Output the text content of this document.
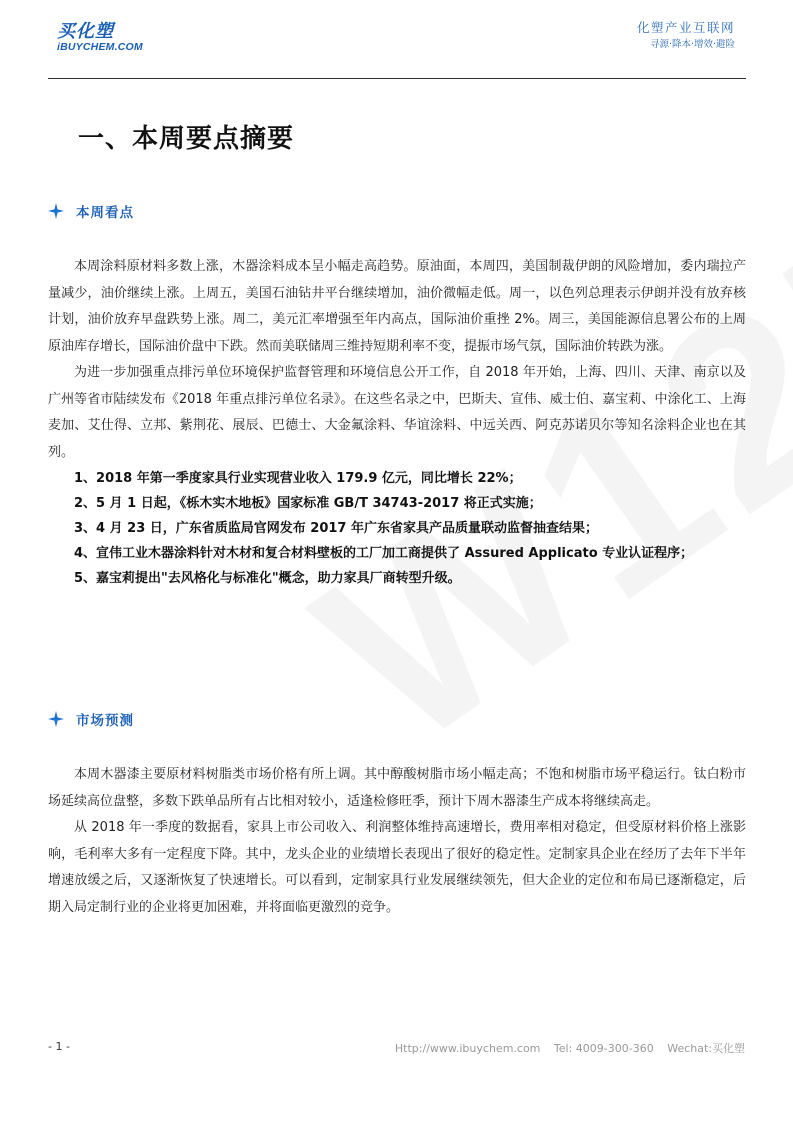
买化塑
iBUYCHEM.COM
化塑产业互联网
寻源·降本·增效·避险
一、本周要点摘要
本周看点

本周涂料原材料多数上涨，木器涂料成本呈小幅走高趋势。原油面，本周四，美国制裁伊朗的风险增加，委内瑞拉产量减少，油价继续上涨。上周五，美国石油钻井平台继续增加，油价微幅走低。周一，以色列总理表示伊朗并没有放弃核计划，油价放弃早盘跌势上涨。周二，美元汇率增强至年内高点，国际油价重挫 2%。周三，美国能源信息署公布的上周原油库存增长，国际油价盘中下跌。然而美联储周三维持短期利率不变，提振市场气氛，国际油价转跌为涨。

为进一步加强重点排污单位环境保护监督管理和环境信息公开工作，自 2018 年开始，上海、四川、天津、南京以及广州等省市陆续发布《2018 年重点排污单位名录》。在这些名录之中，巴斯夫、宣伟、威士伯、嘉宝莉、中涂化工、上海麦加、艾仕得、立邦、紫荆花、展辰、巴德士、大金氟涂料、华谊涂料、中远关西、阿克苏诺贝尔等知名涂料企业也在其列。

1、2018 年第一季度家具行业实现营业收入 179.9 亿元，同比增长 22%；
2、5 月 1 日起，《栎木实木地板》国家标准 GB/T 34743-2017 将正式实施；
3、4 月 23 日，广东省质监局官网发布 2017 年广东省家具产品质量联动监督抽查结果；
4、宣伟工业木器涂料针对木材和复合材料壁板的工厂加工商提供了 Assured Applicato 专业认证程序；
5、嘉宝莉提出"去风格化与标准化"概念，助力家具厂商转型升级。
市场预测

本周木器漆主要原材料树脂类市场价格有所上调。其中醇酸树脂市场小幅走高；不饱和树脂市场平稳运行。钛白粉市场延续高位盘整，多数下跌单品所有占比相对较小，适逢检修旺季，预计下周木器漆生产成本将继续高走。

从 2018 年一季度的数据看，家具上市公司收入、利润整体维持高速增长，费用率相对稳定，但受原材料价格上涨影响，毛利率大多有一定程度下降。其中，龙头企业的业绩增长表现出了很好的稳定性。定制家具企业在经历了去年下半年增速放缓之后，又逐渐恢复了快速增长。可以看到，定制家具行业发展继续领先，但大企业的定位和布局已逐渐稳定，后期入局定制行业的企业将更加困难，并将面临更激烈的竞争。

- 1 -	Http://www.ibuychem.com Tel: 4009-300-360 Wechat:买化塑
